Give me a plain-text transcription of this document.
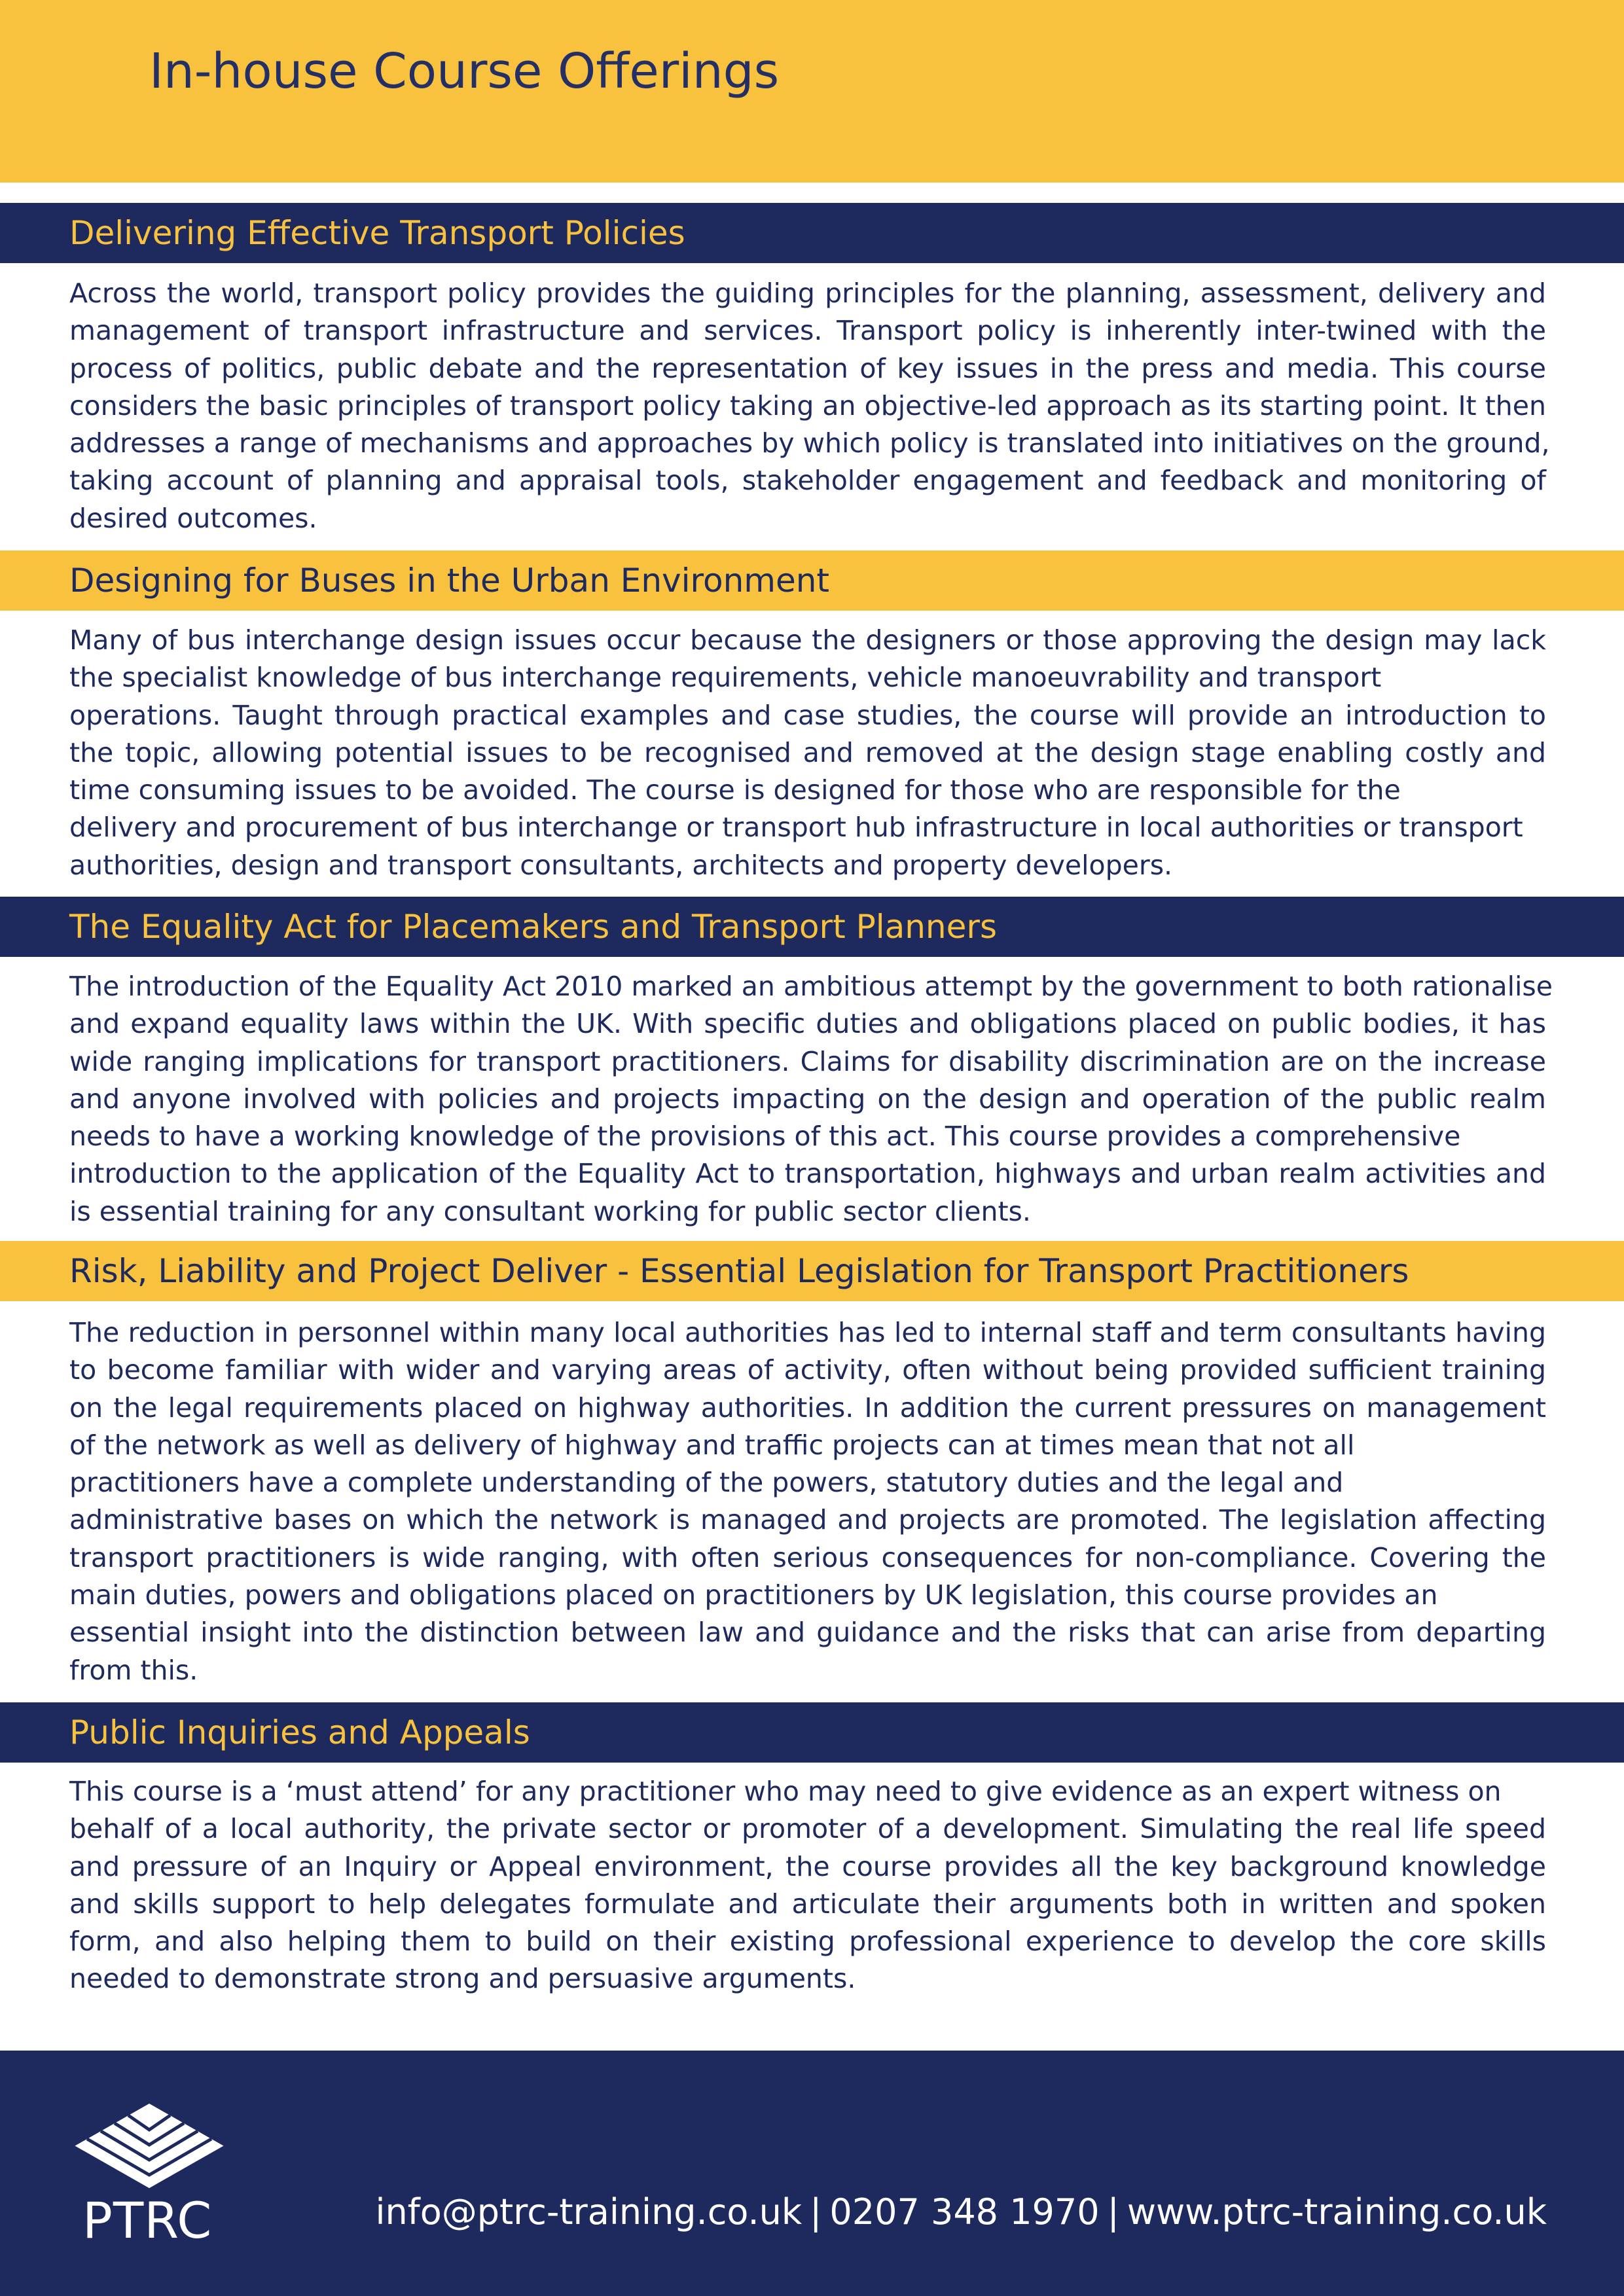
In-house Course Offerings
Delivering Effective Transport Policies
Across the world, transport policy provides the guiding principles for the planning, assessment, delivery and
management of transport infrastructure and services. Transport policy is inherently inter-twined with the
process of politics, public debate and the representation of key issues in the press and media. This course
considers the basic principles of transport policy taking an objective-led approach as its starting point. It then
addresses a range of mechanisms and approaches by which policy is translated into initiatives on the ground,
taking account of planning and appraisal tools, stakeholder engagement and feedback and monitoring of
desired outcomes.
Designing for Buses in the Urban Environment
Many of bus interchange design issues occur because the designers or those approving the design may lack
the specialist knowledge of bus interchange requirements, vehicle manoeuvrability and transport
operations. Taught through practical examples and case studies, the course will provide an introduction to
the topic, allowing potential issues to be recognised and removed at the design stage enabling costly and
time consuming issues to be avoided. The course is designed for those who are responsible for the
delivery and procurement of bus interchange or transport hub infrastructure in local authorities or transport
authorities, design and transport consultants, architects and property developers.
The Equality Act for Placemakers and Transport Planners
The introduction of the Equality Act 2010 marked an ambitious attempt by the government to both rationalise
and expand equality laws within the UK. With specific duties and obligations placed on public bodies, it has
wide ranging implications for transport practitioners. Claims for disability discrimination are on the increase
and anyone involved with policies and projects impacting on the design and operation of the public realm
needs to have a working knowledge of the provisions of this act. This course provides a comprehensive
introduction to the application of the Equality Act to transportation, highways and urban realm activities and
is essential training for any consultant working for public sector clients.
Risk, Liability and Project Deliver - Essential Legislation for Transport Practitioners
The reduction in personnel within many local authorities has led to internal staff and term consultants having
to become familiar with wider and varying areas of activity, often without being provided sufficient training
on the legal requirements placed on highway authorities. In addition the current pressures on management
of the network as well as delivery of highway and traffic projects can at times mean that not all
practitioners have a complete understanding of the powers, statutory duties and the legal and
administrative bases on which the network is managed and projects are promoted. The legislation affecting
transport practitioners is wide ranging, with often serious consequences for non-compliance. Covering the
main duties, powers and obligations placed on practitioners by UK legislation, this course provides an
essential insight into the distinction between law and guidance and the risks that can arise from departing
from this.
Public Inquiries and Appeals
This course is a ‘must attend’ for any practitioner who may need to give evidence as an expert witness on
behalf of a local authority, the private sector or promoter of a development. Simulating the real life speed
and pressure of an Inquiry or Appeal environment, the course provides all the key background knowledge
and skills support to help delegates formulate and articulate their arguments both in written and spoken
form, and also helping them to build on their existing professional experience to develop the core skills
needed to demonstrate strong and persuasive arguments.
PTRC	info@ptrc-training.co.uk | 0207 348 1970 | www.ptrc-training.co.uk
